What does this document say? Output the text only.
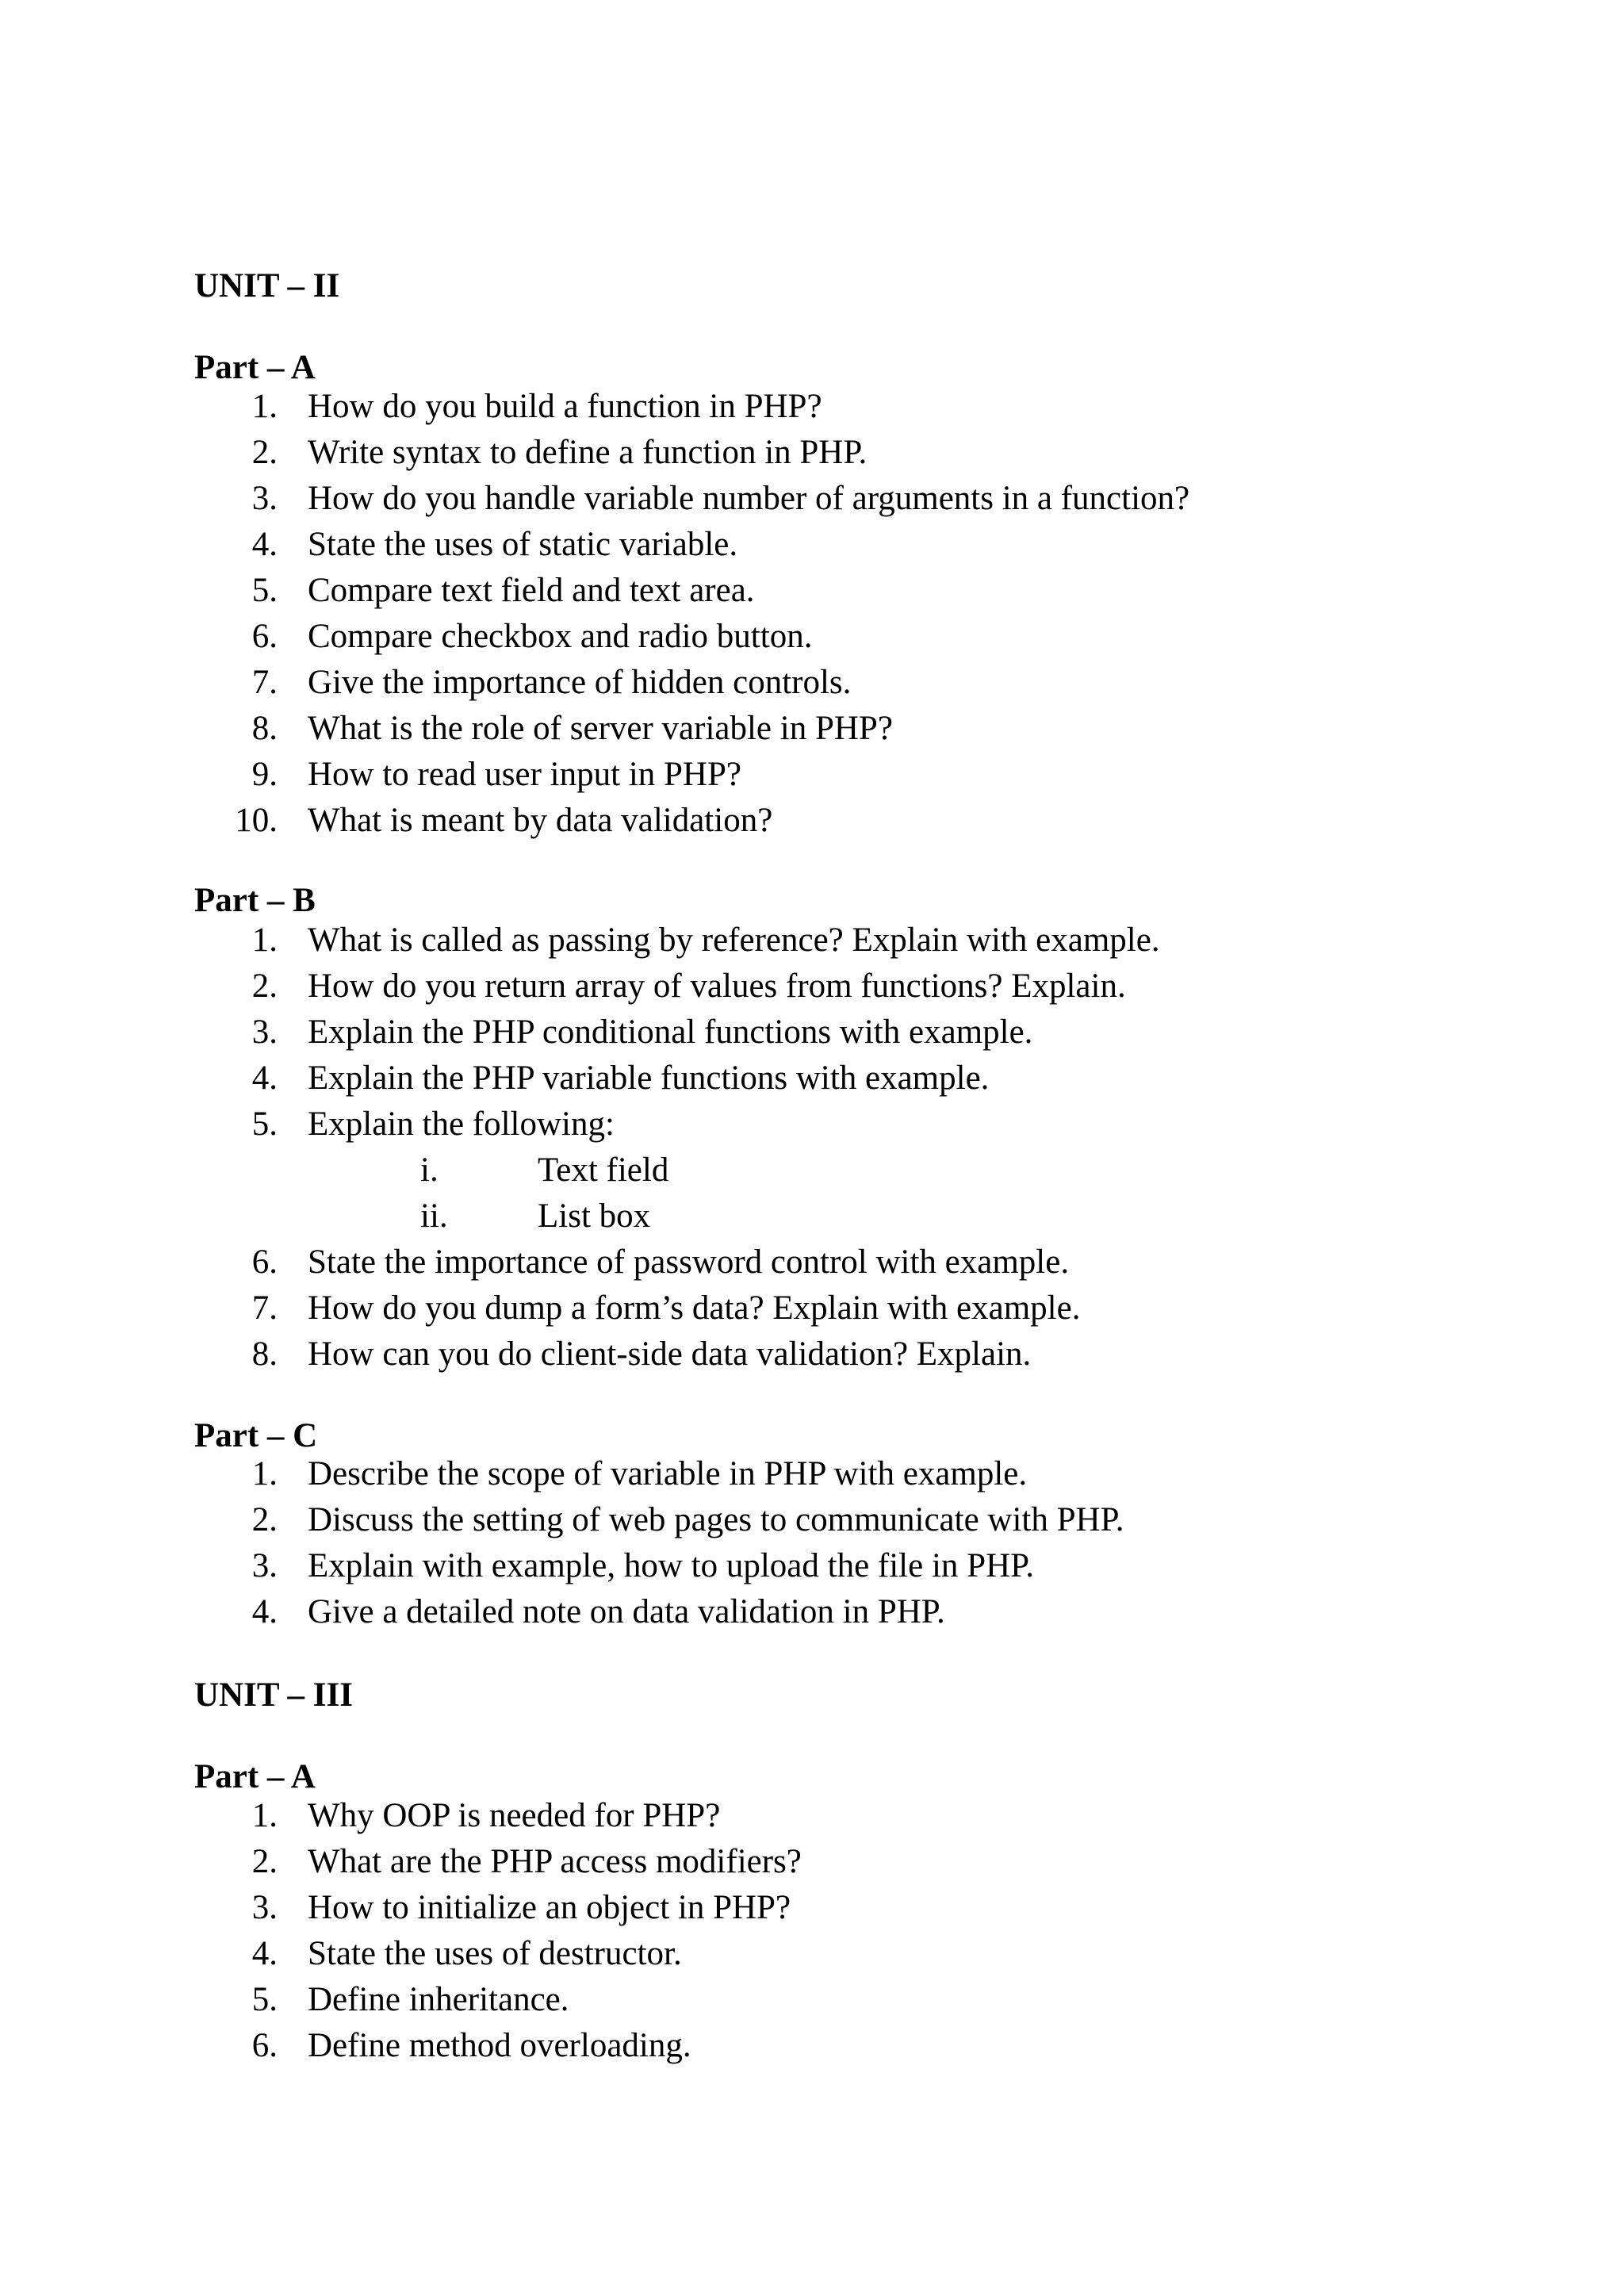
UNIT – II
Part – A
1. How do you build a function in PHP?
2. Write syntax to define a function in PHP.
3. How do you handle variable number of arguments in a function?
4. State the uses of static variable.
5. Compare text field and text area.
6. Compare checkbox and radio button.
7. Give the importance of hidden controls.
8. What is the role of server variable in PHP?
9. How to read user input in PHP?
10. What is meant by data validation?
Part – B
1. What is called as passing by reference? Explain with example.
2. How do you return array of values from functions? Explain.
3. Explain the PHP conditional functions with example.
4. Explain the PHP variable functions with example.
5. Explain the following:
i.	Text field
ii.	List box
6. State the importance of password control with example.
7. How do you dump a form’s data? Explain with example.
8. How can you do client-side data validation? Explain.
Part – C
1. Describe the scope of variable in PHP with example.
2. Discuss the setting of web pages to communicate with PHP.
3. Explain with example, how to upload the file in PHP.
4. Give a detailed note on data validation in PHP.
UNIT – III
Part – A
1. Why OOP is needed for PHP?
2. What are the PHP access modifiers?
3. How to initialize an object in PHP?
4. State the uses of destructor.
5. Define inheritance.
6. Define method overloading.
